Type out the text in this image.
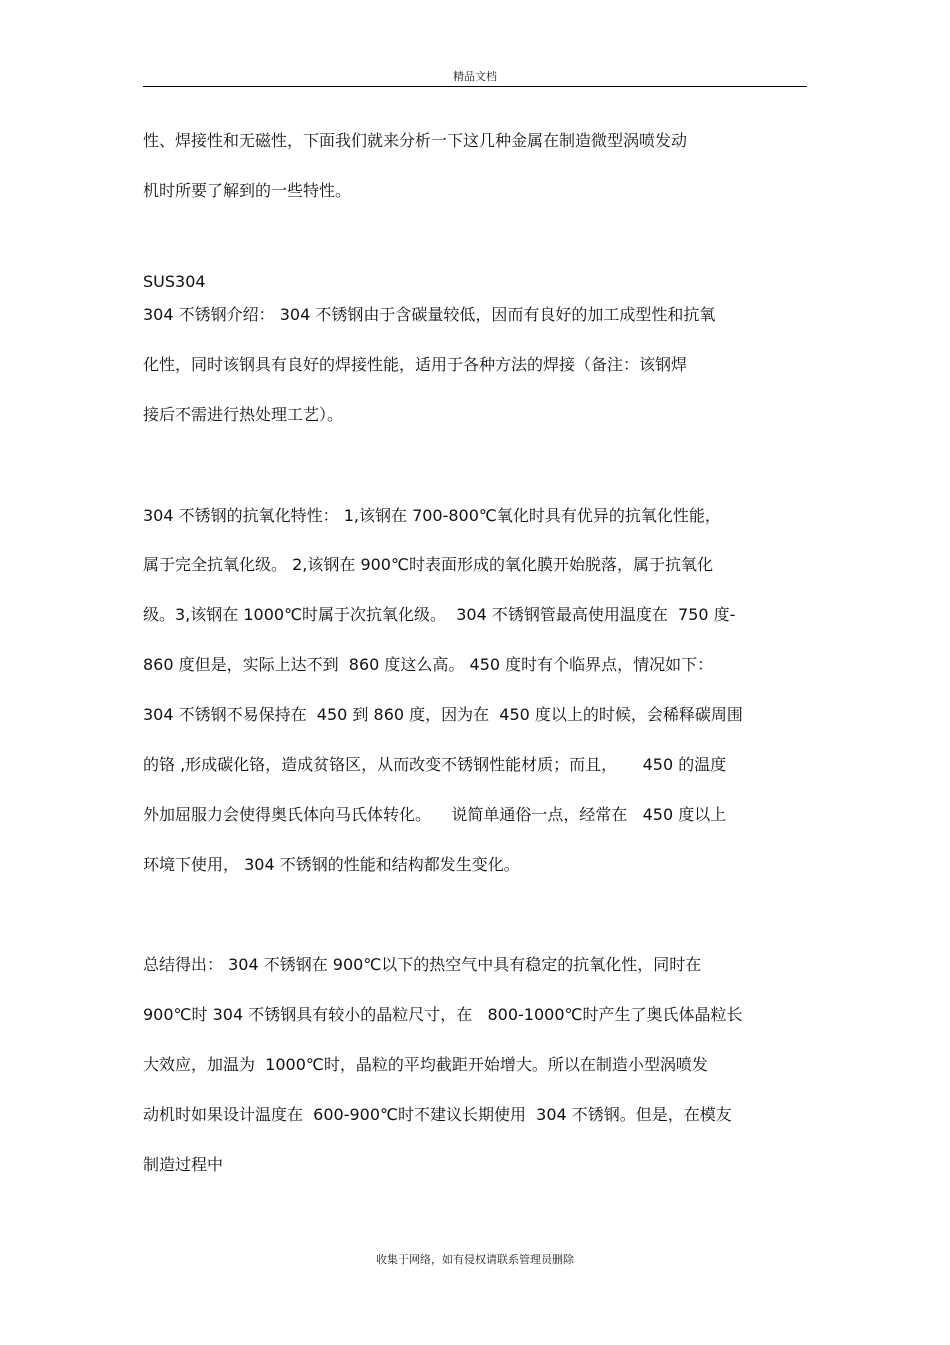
精品文档
性、焊接性和无磁性，下面我们就来分析一下这几种金属在制造微型涡喷发动
机时所要了解到的一些特性。
SUS304
304 不锈钢介绍： 304 不锈钢由于含碳量较低，因而有良好的加工成型性和抗氧
化性，同时该钢具有良好的焊接性能，适用于各种方法的焊接（备注：该钢焊
接后不需进行热处理工艺）。
304 不锈钢的抗氧化特性： 1,该钢在 700-800℃氧化时具有优异的抗氧化性能，
属于完全抗氧化级。 2,该钢在 900℃时表面形成的氧化膜开始脱落，属于抗氧化
级。3,该钢在 1000℃时属于次抗氧化级。  304 不锈钢管最高使用温度在  750 度-
860 度但是，实际上达不到  860 度这么高。 450 度时有个临界点，情况如下：
304 不锈钢不易保持在  450 到 860 度，因为在  450 度以上的时候，会稀释碳周围
的铬 ,形成碳化铬，造成贫铬区，从而改变不锈钢性能材质；而且，     450 的温度
外加屈服力会使得奥氏体向马氏体转化。    说简单通俗一点，经常在   450 度以上
环境下使用， 304 不锈钢的性能和结构都发生变化。
总结得出： 304 不锈钢在 900℃以下的热空气中具有稳定的抗氧化性，同时在
900℃时 304 不锈钢具有较小的晶粒尺寸，在   800-1000℃时产生了奥氏体晶粒长
大效应，加温为  1000℃时，晶粒的平均截距开始增大。所以在制造小型涡喷发
动机时如果设计温度在  600-900℃时不建议长期使用  304 不锈钢。但是，在模友
制造过程中
收集于网络，如有侵权请联系管理员删除
